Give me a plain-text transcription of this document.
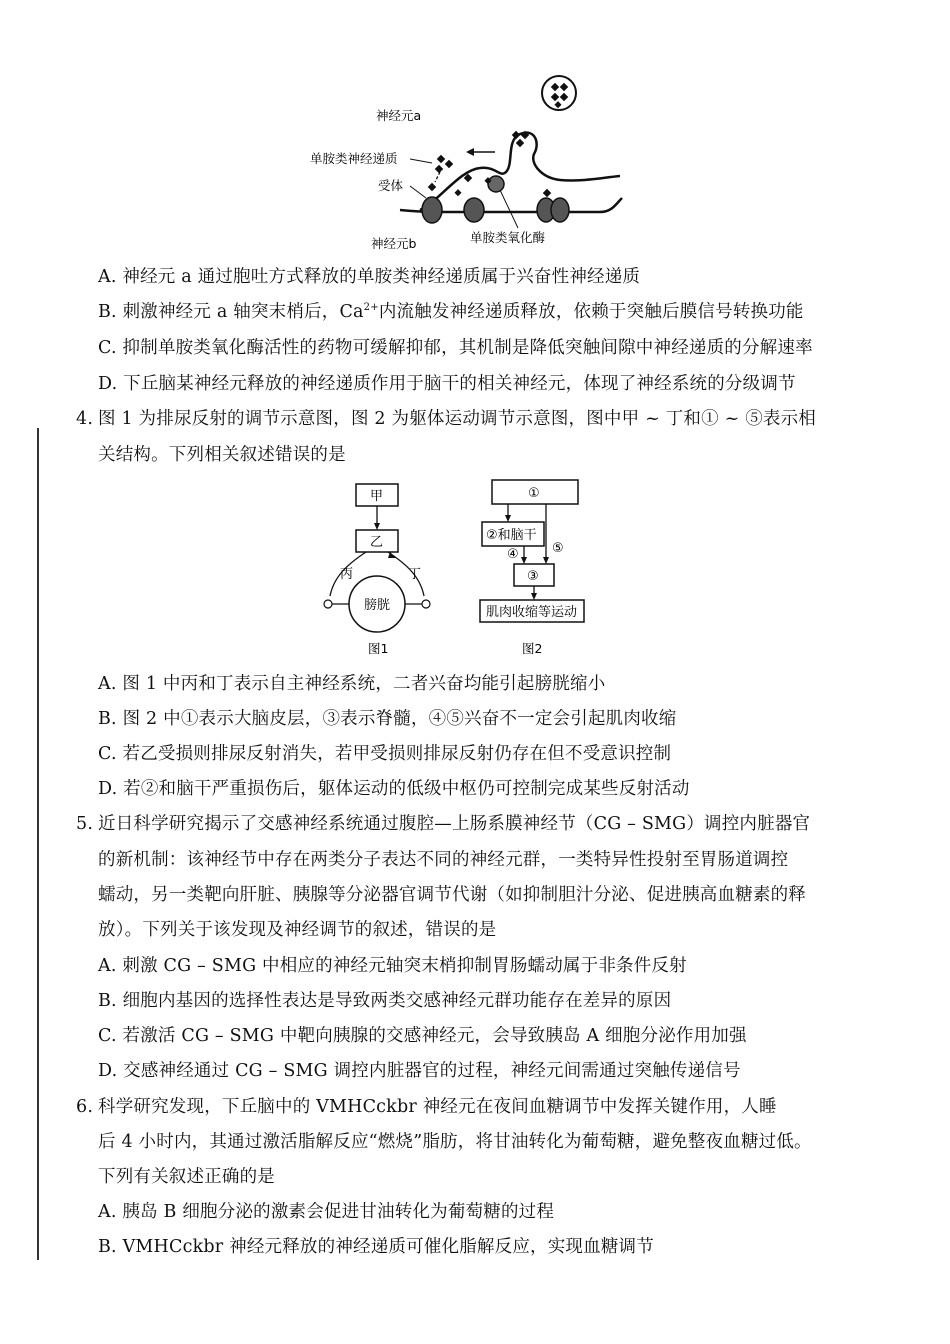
神经元a
单胺类神经递质
受体
神经元b	单胺类氧化酶
A. 神经元 a 通过胞吐方式释放的单胺类神经递质属于兴奋性神经递质
B. 刺激神经元 a 轴突末梢后，$Ca^{2+}$内流触发神经递质释放，依赖于突触后膜信号转换功能
C. 抑制单胺类氧化酶活性的药物可缓解抑郁，其机制是降低突触间隙中神经递质的分解速率
D. 下丘脑某神经元释放的神经递质作用于脑干的相关神经元，体现了神经系统的分级调节
4. 图 1 为排尿反射的调节示意图，图 2 为躯体运动调节示意图，图中甲 ~ 丁和① ~ ⑤表示相
关结构。下列相关叙述错误的是
甲
乙
丙	丁
膀胱
图1
①
②和脑干
④	⑤
③
肌肉收缩等运动
图2
A. 图 1 中丙和丁表示自主神经系统，二者兴奋均能引起膀胱缩小
B. 图 2 中①表示大脑皮层，③表示脊髓，④⑤兴奋不一定会引起肌肉收缩
C. 若乙受损则排尿反射消失，若甲受损则排尿反射仍存在但不受意识控制
D. 若②和脑干严重损伤后，躯体运动的低级中枢仍可控制完成某些反射活动
5. 近日科学研究揭示了交感神经系统通过腹腔—上肠系膜神经节（CG – SMG）调控内脏器官
的新机制：该神经节中存在两类分子表达不同的神经元群，一类特异性投射至胃肠道调控
蠕动，另一类靶向肝脏、胰腺等分泌器官调节代谢（如抑制胆汁分泌、促进胰高血糖素的释
放）。下列关于该发现及神经调节的叙述，错误的是
A. 刺激 CG – SMG 中相应的神经元轴突末梢抑制胃肠蠕动属于非条件反射
B. 细胞内基因的选择性表达是导致两类交感神经元群功能存在差异的原因
C. 若激活 CG – SMG 中靶向胰腺的交感神经元，会导致胰岛 A 细胞分泌作用加强
D. 交感神经通过 CG – SMG 调控内脏器官的过程，神经元间需通过突触传递信号
6. 科学研究发现，下丘脑中的 VMHCckbr 神经元在夜间血糖调节中发挥关键作用，人睡
后 4 小时内，其通过激活脂解反应“燃烧”脂肪，将甘油转化为葡萄糖，避免整夜血糖过低。
下列有关叙述正确的是
A. 胰岛 B 细胞分泌的激素会促进甘油转化为葡萄糖的过程
B. VMHCckbr 神经元释放的神经递质可催化脂解反应，实现血糖调节
